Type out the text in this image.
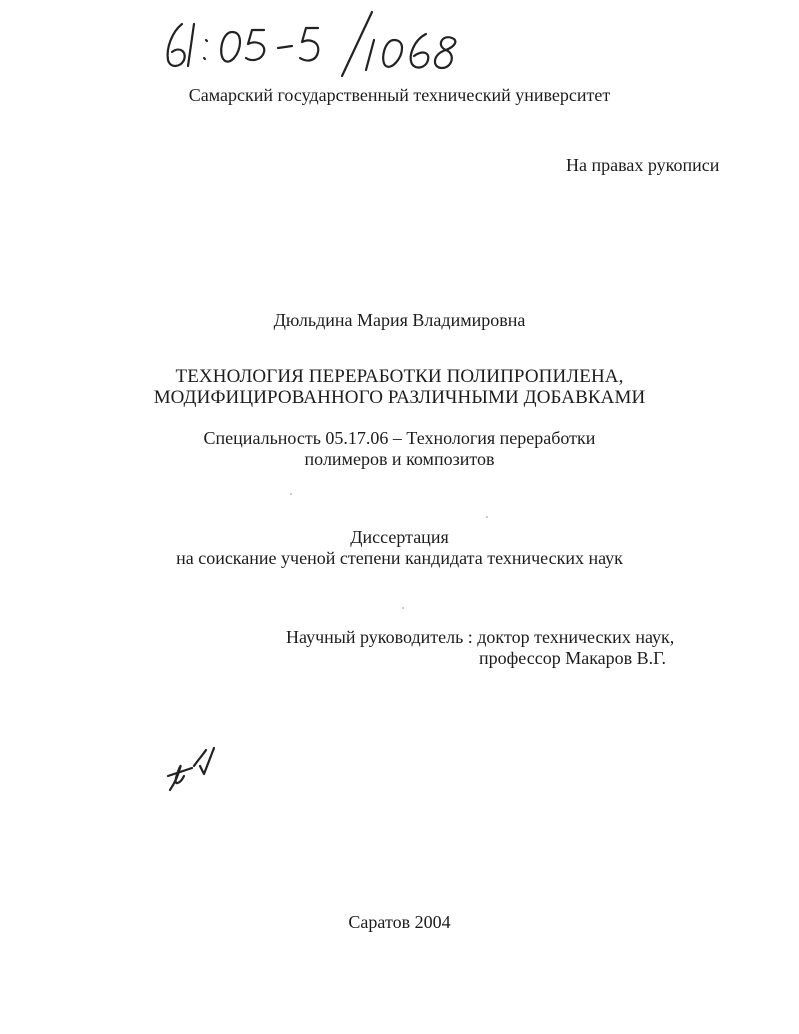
Самарский государственный технический университет
На правах рукописи
Дюльдина Мария Владимировна
ТЕХНОЛОГИЯ ПЕРЕРАБОТКИ ПОЛИПРОПИЛЕНА,
МОДИФИЦИРОВАННОГО РАЗЛИЧНЫМИ ДОБАВКАМИ
Специальность 05.17.06 – Технология переработки
полимеров и композитов
Диссертация
на соискание ученой степени кандидата технических наук
Научный руководитель : доктор технических наук,
профессор Макаров В.Г.
Саратов 2004
